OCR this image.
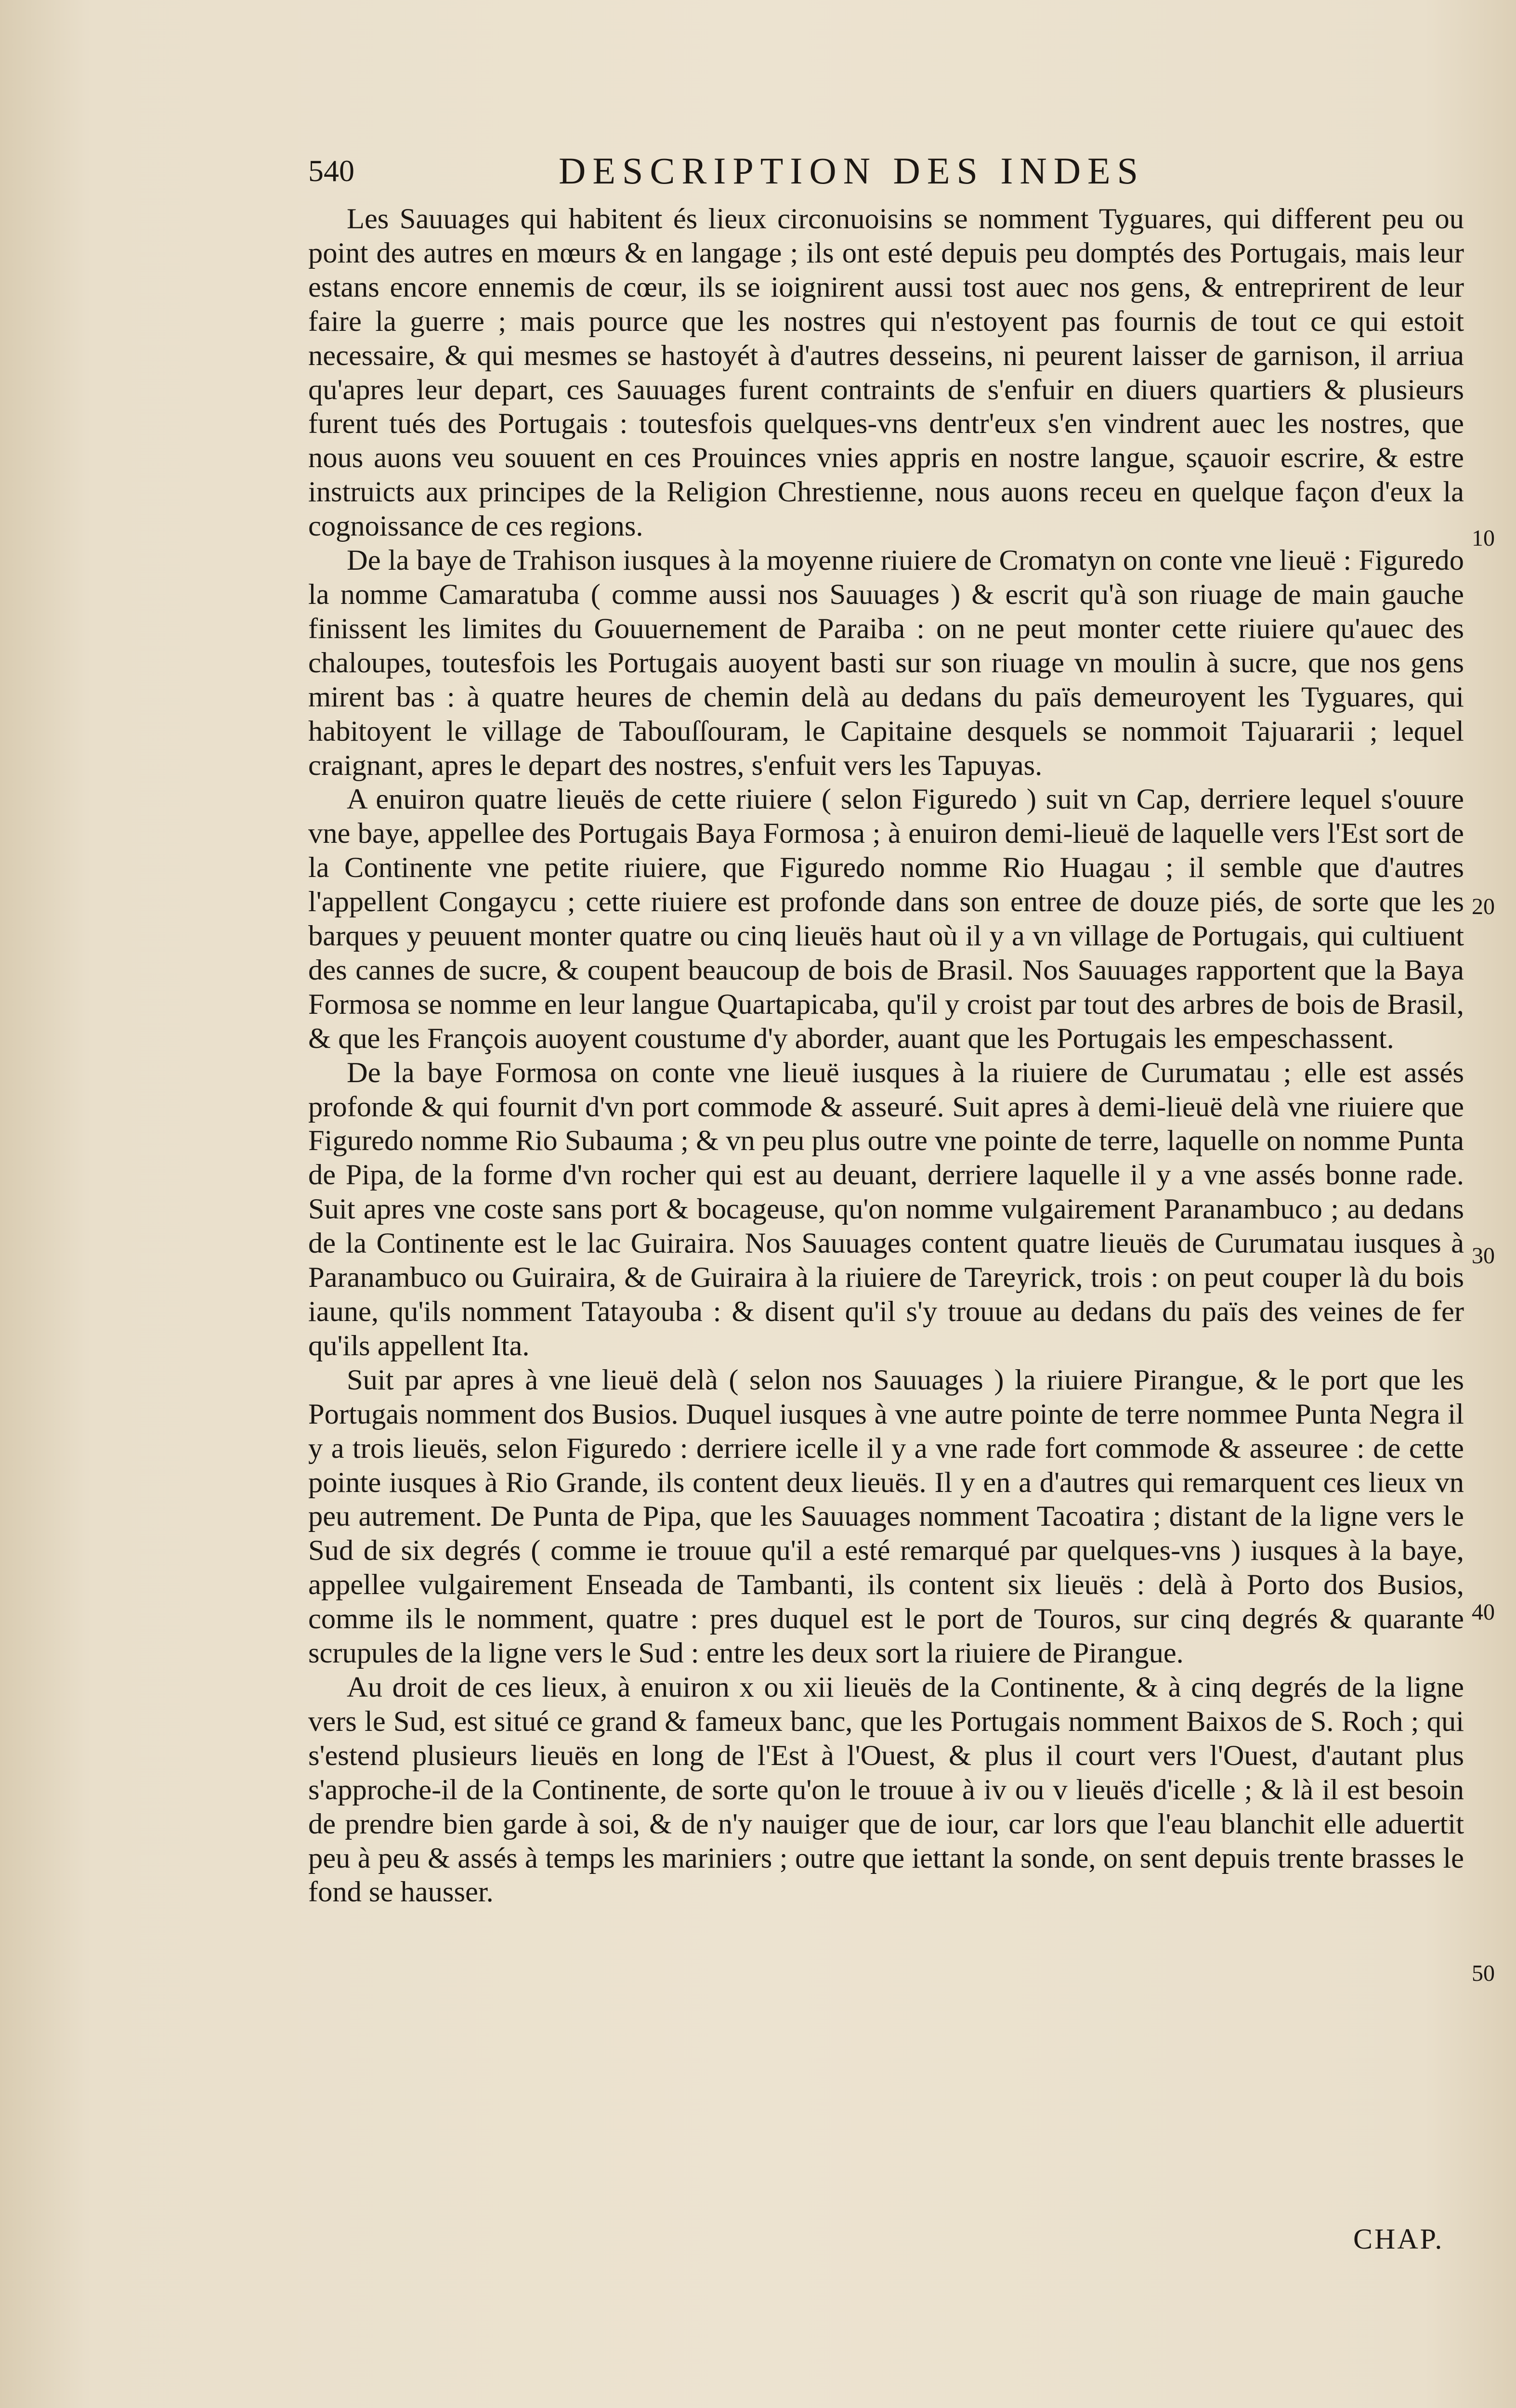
540	DESCRIPTION DES INDES

Les Sauuages qui habitent és lieux circonuoisins se nomment Tyguares, qui different peu ou point des autres en mœurs & en langage ; ils ont esté depuis peu domptés des Portugais, mais leur estans encore ennemis de cœur, ils se ioignirent aussi tost auec nos gens, & entreprirent de leur faire la guerre ; mais pource que les nostres qui n'estoyent pas fournis de tout ce qui estoit necessaire, & qui mesmes se hastoyét à d'autres desseins, ni peurent laisser de garnison, il arriua qu'apres leur depart, ces Sauuages furent contraints de s'enfuir en diuers quartiers & plusieurs furent tués des Portugais : toutesfois quelques-vns dentr'eux s'en vindrent auec les nostres, que nous auons veu souuent en ces Prouinces vnies appris en nostre langue, sçauoir escrire, & estre instruicts aux principes de la Religion Chrestienne, nous auons receu en quelque façon d'eux la cognoissance de ces regions.

De la baye de Trahison iusques à la moyenne riuiere de Cromatyn on conte vne lieuë : Figuredo la nomme Camaratuba ( comme aussi nos Sauuages ) & escrit qu'à son riuage de main gauche finissent les limites du Gouuernement de Paraiba : on ne peut monter cette riuiere qu'auec des chaloupes, toutesfois les Portugais auoyent basti sur son riuage vn moulin à sucre, que nos gens mirent bas : à quatre heures de chemin delà au dedans du païs demeuroyent les Tyguares, qui habitoyent le village de Tabouſſouram, le Capitaine desquels se nommoit Tajuararii ; lequel craignant, apres le depart des nostres, s'enfuit vers les Tapuyas.

A enuiron quatre lieuës de cette riuiere ( selon Figuredo ) suit vn Cap, derriere lequel s'ouure vne baye, appellee des Portugais Baya Formosa ; à enuiron demi-lieuë de laquelle vers l'Est sort de la Continente vne petite riuiere, que Figuredo nomme Rio Huagau ; il semble que d'autres l'appellent Congaycu ; cette riuiere est profonde dans son entree de douze piés, de sorte que les barques y peuuent monter quatre ou cinq lieuës haut où il y a vn village de Portugais, qui cultiuent des cannes de sucre, & coupent beaucoup de bois de Brasil. Nos Sauuages rapportent que la Baya Formosa se nomme en leur langue Quartapicaba, qu'il y croist par tout des arbres de bois de Brasil, & que les François auoyent coustume d'y aborder, auant que les Portugais les empeschassent.

De la baye Formosa on conte vne lieuë iusques à la riuiere de Curumatau ; elle est assés profonde & qui fournit d'vn port commode & asseuré. Suit apres à demi-lieuë delà vne riuiere que Figuredo nomme Rio Subauma ; & vn peu plus outre vne pointe de terre, laquelle on nomme Punta de Pipa, de la forme d'vn rocher qui est au deuant, derriere laquelle il y a vne assés bonne rade. Suit apres vne coste sans port & bocageuse, qu'on nomme vulgairement Paranambuco ; au dedans de la Continente est le lac Guiraira. Nos Sauuages content quatre lieuës de Curumatau iusques à Paranambuco ou Guiraira, & de Guiraira à la riuiere de Tareyrick, trois : on peut couper là du bois iaune, qu'ils nomment Tatayouba : & disent qu'il s'y trouue au dedans du païs des veines de fer qu'ils appellent Ita.

Suit par apres à vne lieuë delà ( selon nos Sauuages ) la riuiere Pirangue, & le port que les Portugais nomment dos Busios. Duquel iusques à vne autre pointe de terre nommee Punta Negra il y a trois lieuës, selon Figuredo : derriere icelle il y a vne rade fort commode & asseuree : de cette pointe iusques à Rio Grande, ils content deux lieuës. Il y en a d'autres qui remarquent ces lieux vn peu autrement. De Punta de Pipa, que les Sauuages nomment Tacoatira ; distant de la ligne vers le Sud de six degrés ( comme ie trouue qu'il a esté remarqué par quelques-vns ) iusques à la baye, appellee vulgairement Enseada de Tambanti, ils content six lieuës : delà à Porto dos Busios, comme ils le nomment, quatre : pres duquel est le port de Touros, sur cinq degrés & quarante scrupules de la ligne vers le Sud : entre les deux sort la riuiere de Pirangue.

Au droit de ces lieux, à enuiron x ou xii lieuës de la Continente, & à cinq degrés de la ligne vers le Sud, est situé ce grand & fameux banc, que les Portugais nomment Baixos de S. Roch ; qui s'estend plusieurs lieuës en long de l'Est à l'Ouest, & plus il court vers l'Ouest, d'autant plus s'approche-il de la Continente, de sorte qu'on le trouue à iv ou v lieuës d'icelle ; & là il est besoin de prendre bien garde à soi, & de n'y nauiger que de iour, car lors que l'eau blanchit elle aduertit peu à peu & assés à temps les mariniers ; outre que iettant la sonde, on sent depuis trente brasses le fond se hausser.

10
20
30
40
50
CHAP.
